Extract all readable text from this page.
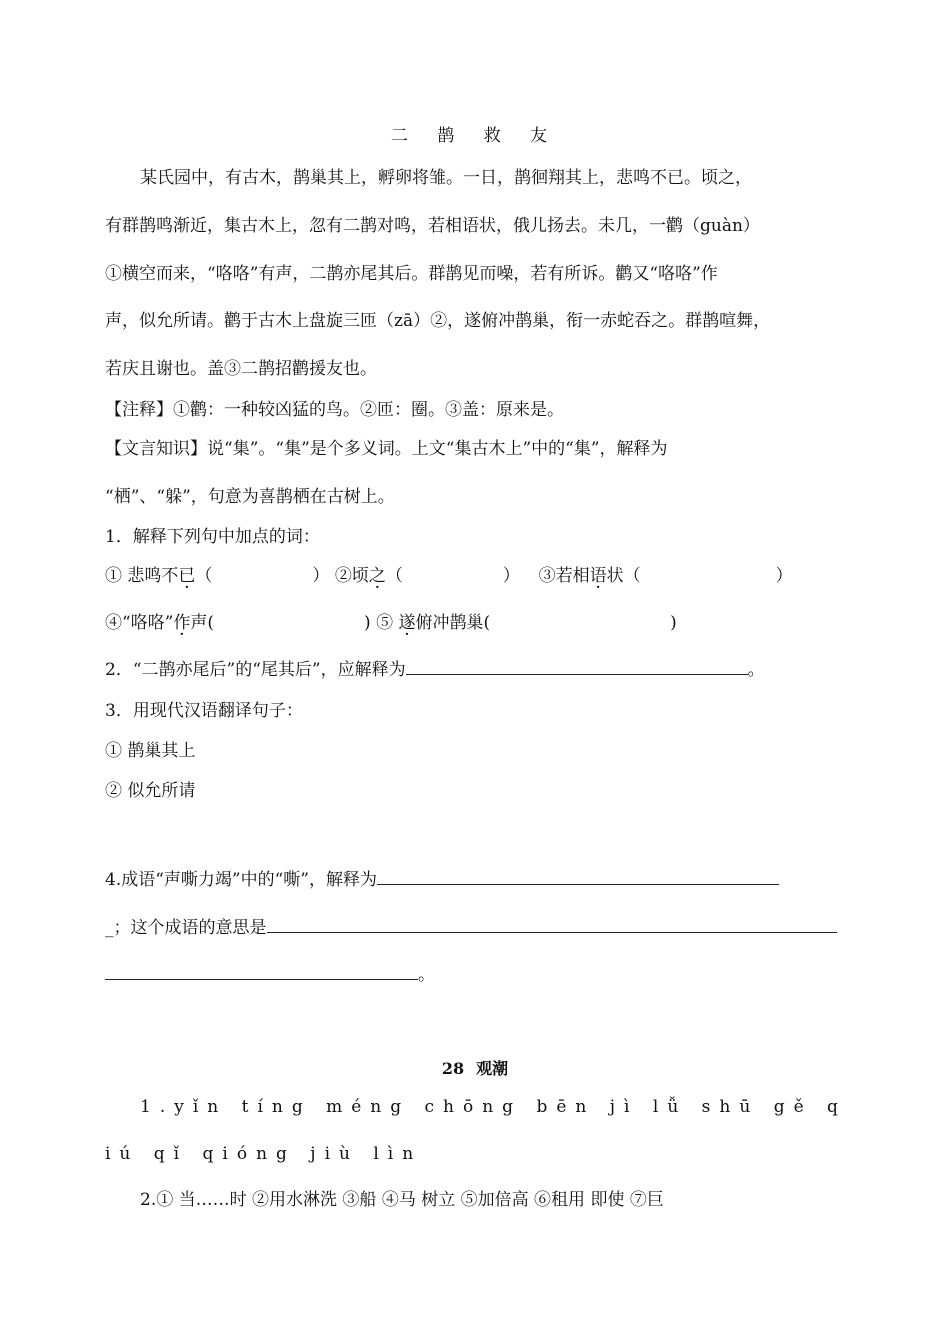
二 鹊 救 友
某氏园中，有古木，鹊巢其上，孵卵将雏。一日，鹊徊翔其上，悲鸣不已。顷之，
有群鹊鸣渐近，集古木上，忽有二鹊对鸣，若相语状，俄儿扬去。未几，一鹳（guàn）
①横空而来，“咯咯”有声，二鹊亦尾其后。群鹊见而噪，若有所诉。鹳又“咯咯”作
声，似允所请。鹳于古木上盘旋三匝（zā）②，遂俯冲鹊巢，衔一赤蛇吞之。群鹊喧舞，
若庆且谢也。盖③二鹊招鹳援友也。
【注释】①鹳：一种较凶猛的鸟。②匝：圈。③盖：原来是。
【文言知识】说“集”。“集”是个多义词。上文“集古木上”中的“集”，解释为
“栖”、“躲”，句意为喜鹊栖在古树上。
1．解释下列句中加点的词：
① 悲鸣不已（	） ②顷之（	） ③若相语状（	）
④“咯咯”作声(	) ⑤ 遂俯冲鹊巢(	)
2．“二鹊亦尾后”的“尾其后”，应解释为	。
3．用现代汉语翻译句子：
① 鹊巢其上
② 似允所请
4.成语“声嘶力竭”中的“嘶”，解释为
_；这个成语的意思是
。
28 观潮
1.yǐn tíng méng chōng bēn jì lǚ shū gě q
iú qǐ qióng jiù lìn
2.① 当……时 ②用水淋洗 ③船 ④马 树立 ⑤加倍高 ⑥租用 即使 ⑦巨
